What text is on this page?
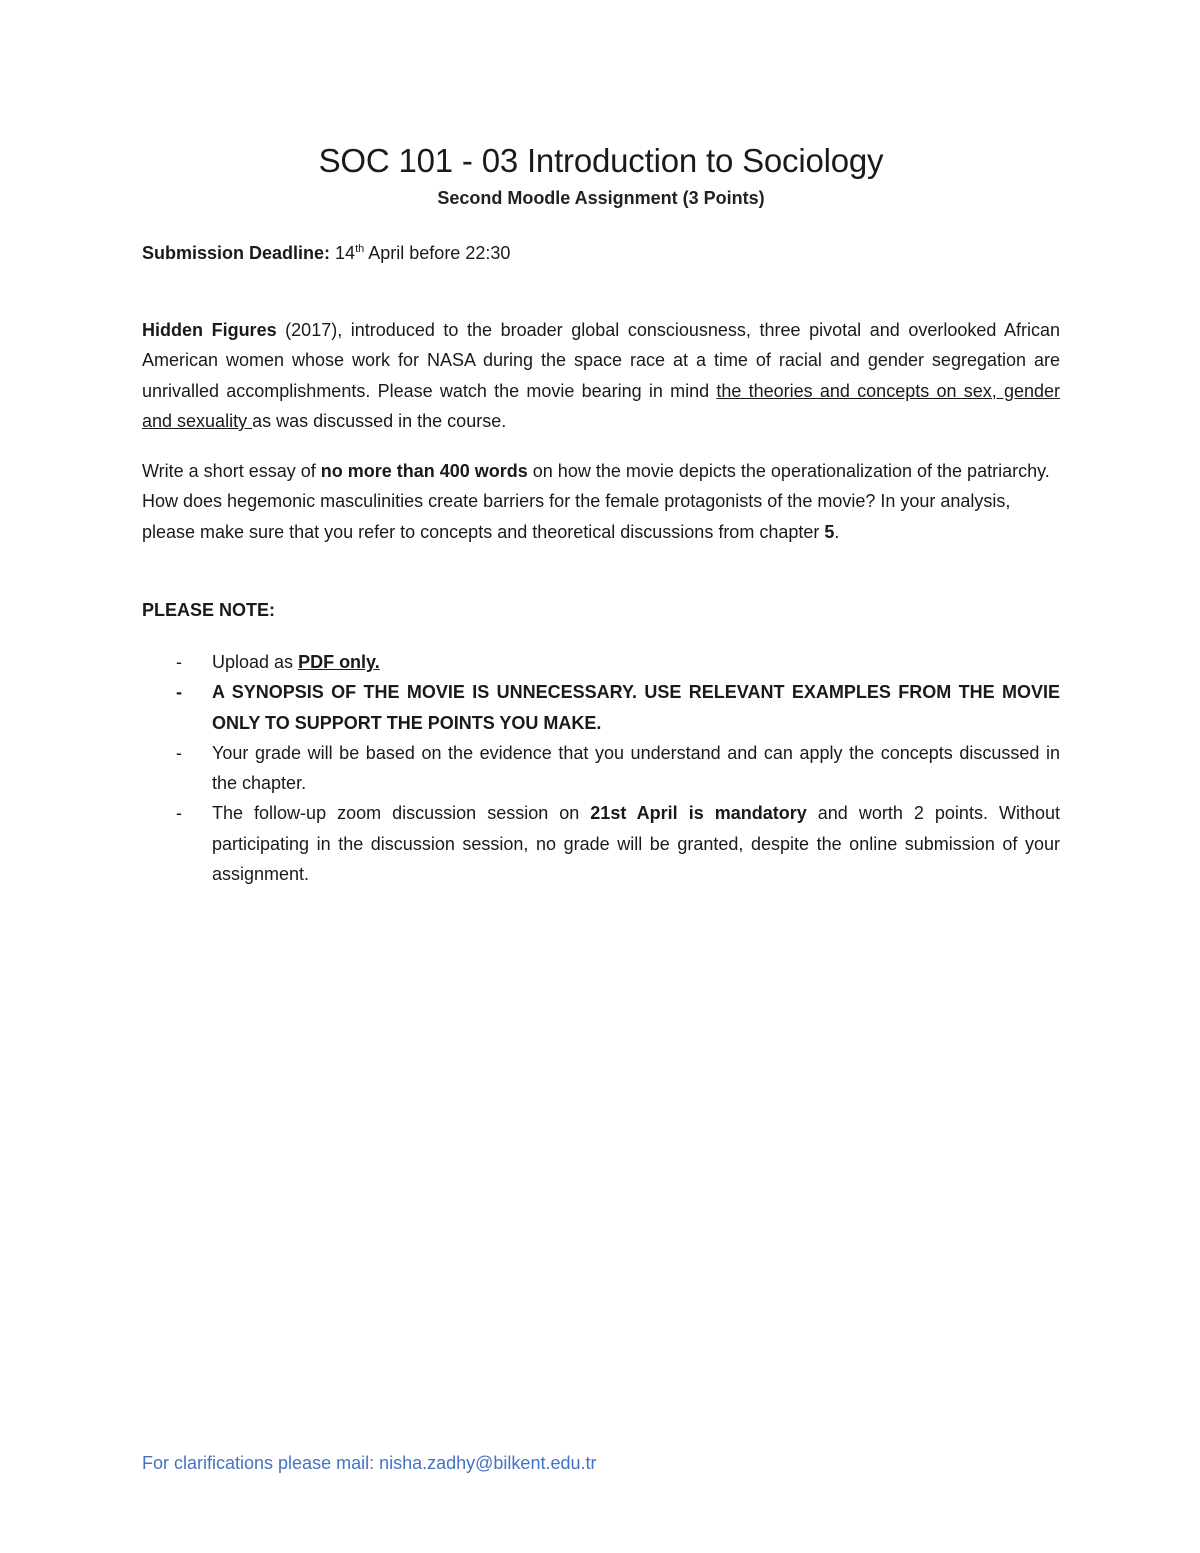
SOC 101 - 03 Introduction to Sociology
Second Moodle Assignment (3 Points)
Submission Deadline: 14th April before 22:30

Hidden Figures (2017), introduced to the broader global consciousness, three pivotal and overlooked African American women whose work for NASA during the space race at a time of racial and gender segregation are unrivalled accomplishments. Please watch the movie bearing in mind the theories and concepts on sex, gender and sexuality as was discussed in the course.

Write a short essay of no more than 400 words on how the movie depicts the operationalization of the patriarchy. How does hegemonic masculinities create barriers for the female protagonists of the movie? In your analysis, please make sure that you refer to concepts and theoretical discussions from chapter 5.

PLEASE NOTE:
- Upload as PDF only.
- A SYNOPSIS OF THE MOVIE IS UNNECESSARY. USE RELEVANT EXAMPLES FROM THE MOVIE ONLY TO SUPPORT THE POINTS YOU MAKE.
- Your grade will be based on the evidence that you understand and can apply the concepts discussed in the chapter.
- The follow-up zoom discussion session on 21st April is mandatory and worth 2 points. Without participating in the discussion session, no grade will be granted, despite the online submission of your assignment.
For clarifications please mail: nisha.zadhy@bilkent.edu.tr
